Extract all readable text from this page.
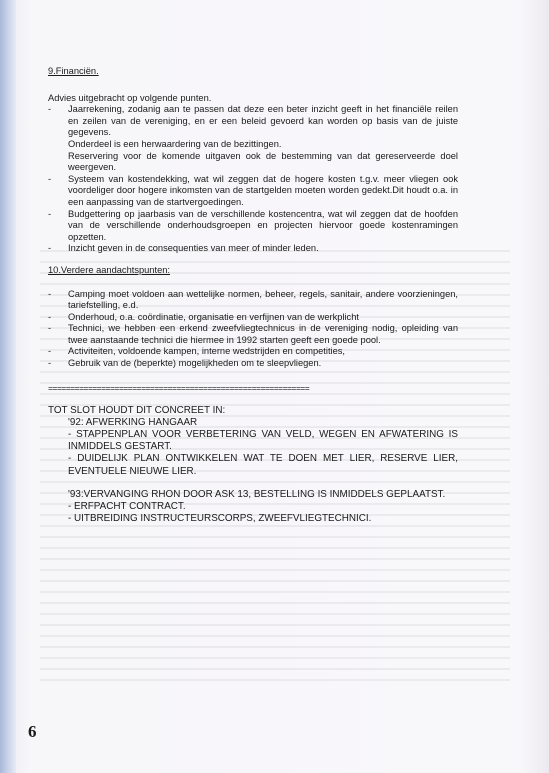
9.Financiën.

Advies uitgebracht op volgende punten.

- Jaarrekening, zodanig aan te passen dat deze een beter inzicht geeft in het financiële reilen en zeilen van de vereniging, en er een beleid gevoerd kan worden op basis van de juiste gegevens.
Onderdeel is een herwaardering van de bezittingen.
Reservering voor de komende uitgaven ook de bestemming van dat gereserveerde doel weergeven.
- Systeem van kostendekking, wat wil zeggen dat de hogere kosten t.g.v. meer vliegen ook voordeliger door hogere inkomsten van de startgelden moeten worden gedekt.Dit houdt o.a. in een aanpassing van de startvergoedingen.
- Budgettering op jaarbasis van de verschillende kostencentra, wat wil zeggen dat de hoofden van de verschillende onderhoudsgroepen en projecten hiervoor goede kostenramingen opzetten.
- Inzicht geven in de consequenties van meer of minder leden.

10.Verdere aandachtspunten:

- Camping moet voldoen aan wettelijke normen, beheer, regels, sanitair, andere voorzieningen, tariefstelling, e.d.
- Onderhoud, o.a. coördinatie, organisatie en verfijnen van de werkplicht
- Technici, we hebben een erkend zweefvliegtechnicus in de vereniging nodig, opleiding van twee aanstaande technici die hiermee in 1992 starten geeft een goede pool.
- Activiteiten, voldoende kampen, interne wedstrijden en competities,
- Gebruik van de (beperkte) mogelijkheden om te sleepvliegen.
===========================================================

TOT SLOT HOUDT DIT CONCREET IN:

'92: AFWERKING HANGAAR

- STAPPENPLAN VOOR VERBETERING VAN VELD, WEGEN EN AFWATERING IS INMIDDELS GESTART.

- DUIDELIJK PLAN ONTWIKKELEN WAT TE DOEN MET LIER, RESERVE LIER, EVENTUELE NIEUWE LIER.

'93:VERVANGING RHON DOOR ASK 13, BESTELLING IS INMIDDELS GEPLAATST.

- ERFPACHT CONTRACT.

- UITBREIDING INSTRUCTEURSCORPS, ZWEEFVLIEGTECHNICI.

6
